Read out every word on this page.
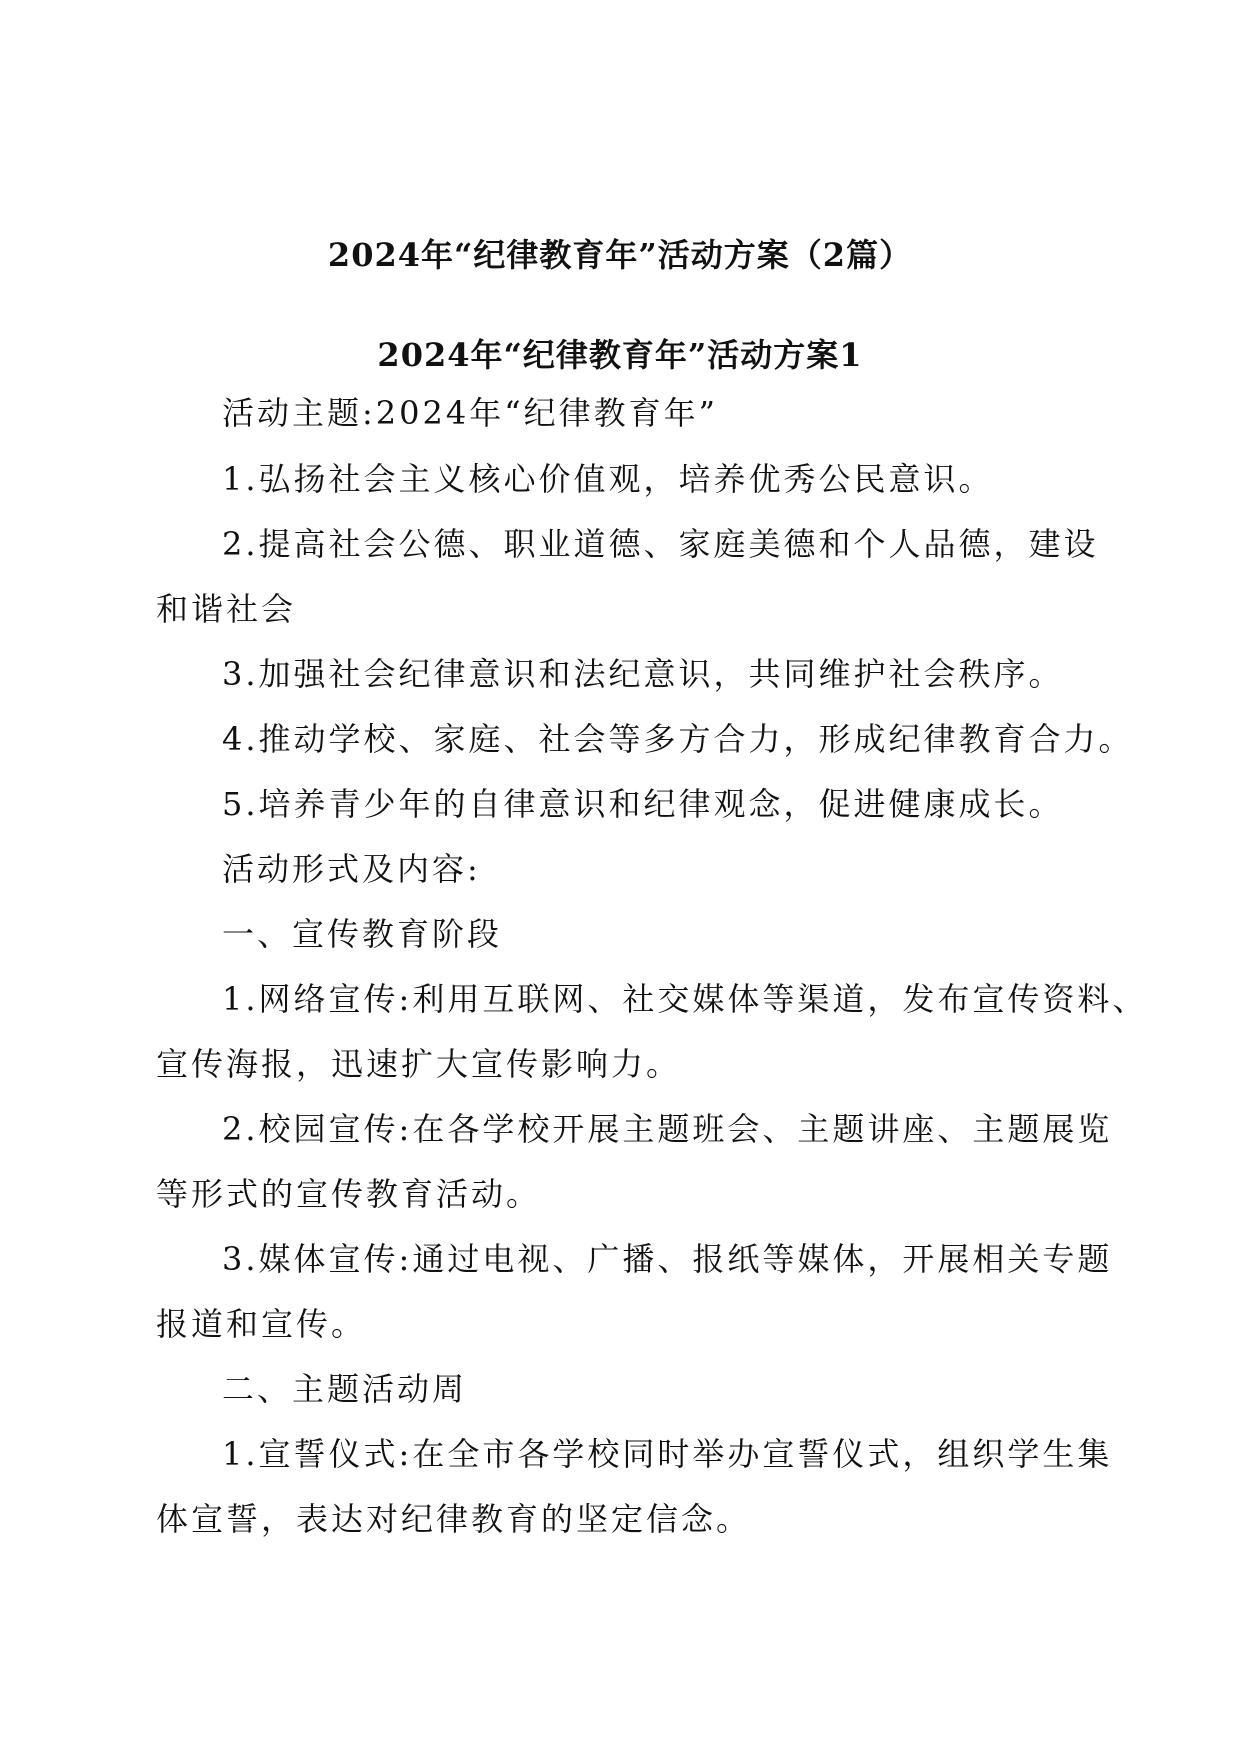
2024年“纪律教育年”活动方案（2篇）
2024年“纪律教育年”活动方案1
活动主题:2024年“纪律教育年”
1.弘扬社会主义核心价值观，培养优秀公民意识。
2.提高社会公德、职业道德、家庭美德和个人品德，建设
和谐社会
3.加强社会纪律意识和法纪意识，共同维护社会秩序。
4.推动学校、家庭、社会等多方合力，形成纪律教育合力。
5.培养青少年的自律意识和纪律观念，促进健康成长。
活动形式及内容:
一、宣传教育阶段
1.网络宣传:利用互联网、社交媒体等渠道，发布宣传资料、
宣传海报，迅速扩大宣传影响力。
2.校园宣传:在各学校开展主题班会、主题讲座、主题展览
等形式的宣传教育活动。
3.媒体宣传:通过电视、广播、报纸等媒体，开展相关专题
报道和宣传。
二、主题活动周
1.宣誓仪式:在全市各学校同时举办宣誓仪式，组织学生集
体宣誓，表达对纪律教育的坚定信念。
